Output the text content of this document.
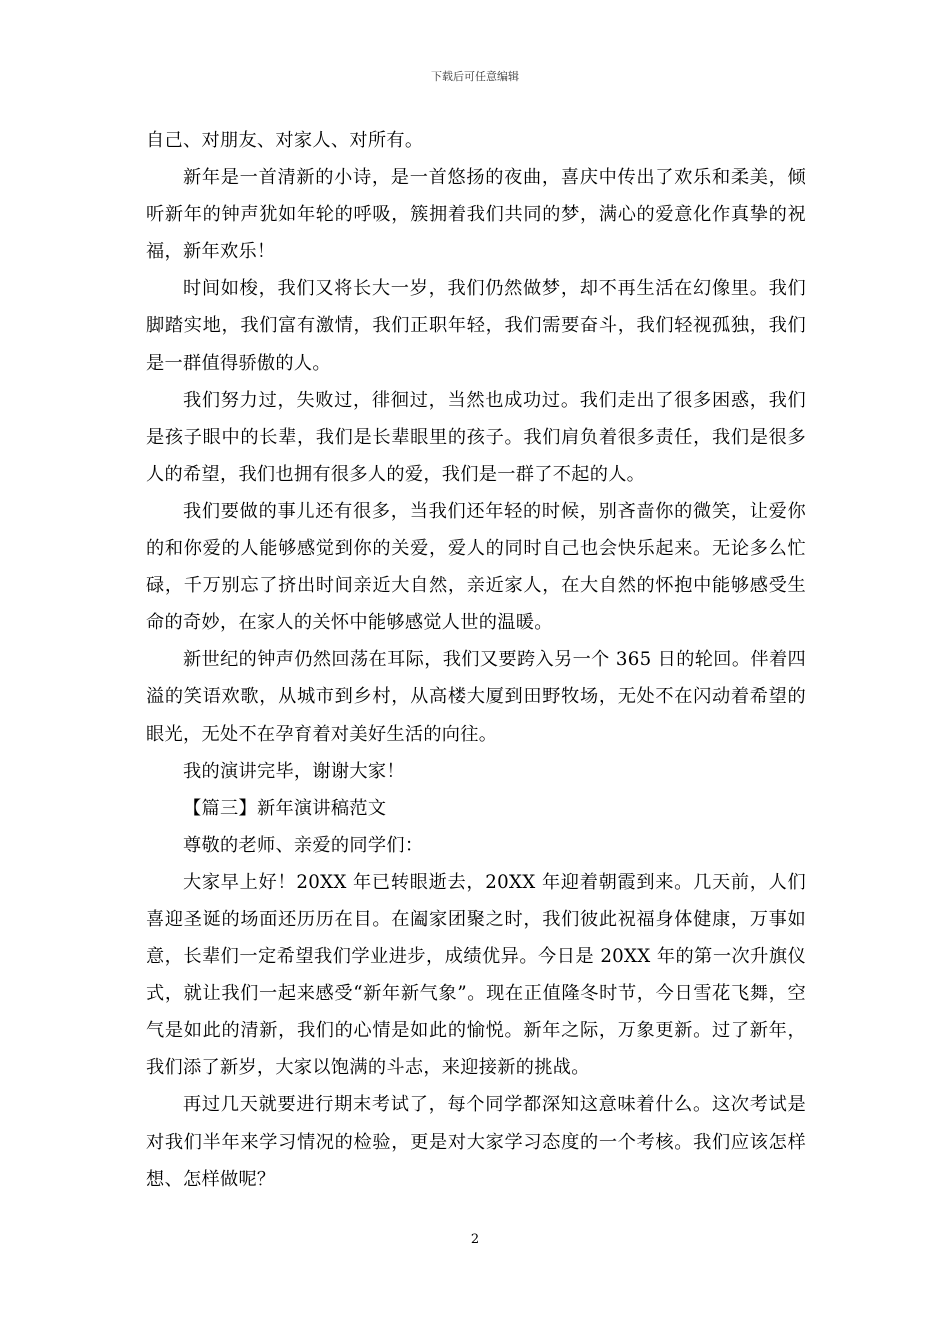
下载后可任意编辑

自己、对朋友、对家人、对所有。

新年是一首清新的小诗，是一首悠扬的夜曲，喜庆中传出了欢乐和柔美，倾听新年的钟声犹如年轮的呼吸，簇拥着我们共同的梦，满心的爱意化作真挚的祝福，新年欢乐！

时间如梭，我们又将长大一岁，我们仍然做梦，却不再生活在幻像里。我们脚踏实地，我们富有激情，我们正职年轻，我们需要奋斗，我们轻视孤独，我们是一群值得骄傲的人。

我们努力过，失败过，徘徊过，当然也成功过。我们走出了很多困惑，我们是孩子眼中的长辈，我们是长辈眼里的孩子。我们肩负着很多责任，我们是很多人的希望，我们也拥有很多人的爱，我们是一群了不起的人。

我们要做的事儿还有很多，当我们还年轻的时候，别吝啬你的微笑，让爱你的和你爱的人能够感觉到你的关爱，爱人的同时自己也会快乐起来。无论多么忙碌，千万别忘了挤出时间亲近大自然，亲近家人，在大自然的怀抱中能够感受生命的奇妙，在家人的关怀中能够感觉人世的温暖。

新世纪的钟声仍然回荡在耳际，我们又要跨入另一个 365 日的轮回。伴着四溢的笑语欢歌，从城市到乡村，从高楼大厦到田野牧场，无处不在闪动着希望的眼光，无处不在孕育着对美好生活的向往。

我的演讲完毕，谢谢大家！

【篇三】新年演讲稿范文

尊敬的老师、亲爱的同学们：

大家早上好！20XX 年已转眼逝去，20XX 年迎着朝霞到来。几天前，人们喜迎圣诞的场面还历历在目。在阖家团聚之时，我们彼此祝福身体健康，万事如意，长辈们一定希望我们学业进步，成绩优异。今日是 20XX 年的第一次升旗仪式，就让我们一起来感受“新年新气象”。现在正值隆冬时节，今日雪花飞舞，空气是如此的清新，我们的心情是如此的愉悦。新年之际，万象更新。过了新年，我们添了新岁，大家以饱满的斗志，来迎接新的挑战。

再过几天就要进行期末考试了，每个同学都深知这意味着什么。这次考试是对我们半年来学习情况的检验，更是对大家学习态度的一个考核。我们应该怎样想、怎样做呢？

2
